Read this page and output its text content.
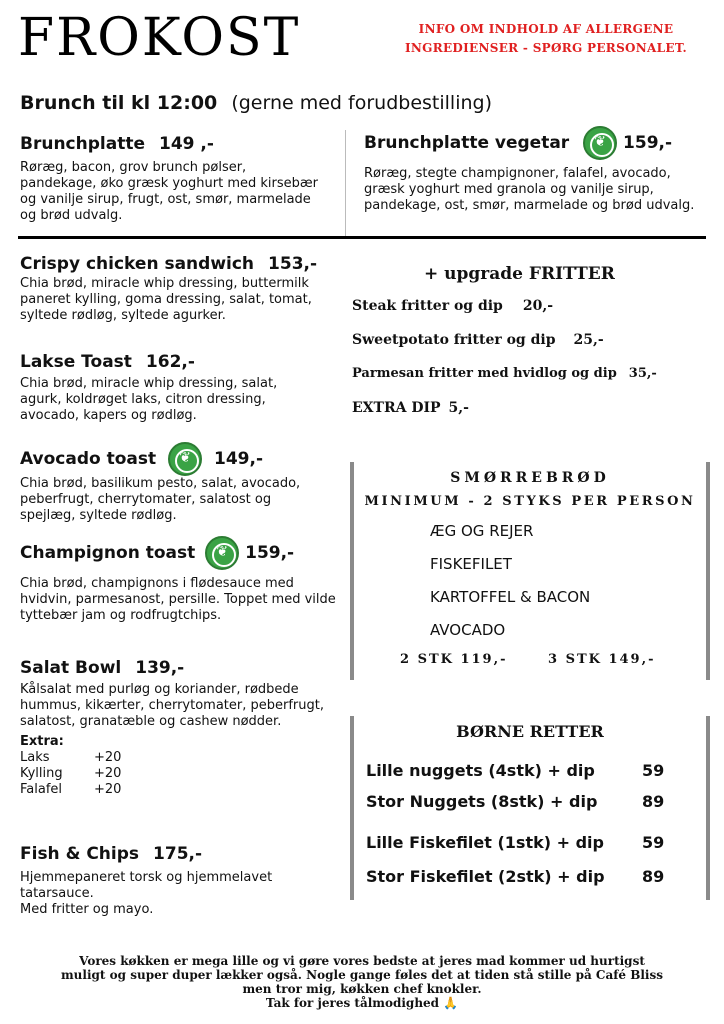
FROKOST	INFO OM INDHOLD AF ALLERGENE
INGREDIENSER - SPØRG PERSONALET.
Brunch til kl 12:00 (gerne med forudbestilling)
Brunchplatte 149 ,-
Røræg, bacon, grov brunch pølser, pandekage, øko græsk yoghurt med kirsebær og vanilje sirup, frugt, ost, smør, marmelade og brød udvalg.
Brunchplatte vegetar ❦	159,-
Røræg, stegte champignoner, falafel, avocado, græsk yoghurt med granola og vanilje sirup, pandekage, ost, smør, marmelade og brød udvalg.
Crispy chicken sandwich 153,-
Chia brød, miracle whip dressing, buttermilk paneret kylling, goma dressing, salat, tomat, syltede rødløg, syltede agurker.
Lakse Toast 162,-
Chia brød, miracle whip dressing, salat, agurk, koldrøget laks, citron dressing, avocado, kapers og rødløg.
Avocado toast ❦	149,-
Chia brød, basilikum pesto, salat, avocado, peberfrugt, cherrytomater, salatost og spejlæg, syltede rødløg.
Champignon toast ❦	159,-
Chia brød, champignons i flødesauce med hvidvin, parmesanost, persille. Toppet med vilde tyttebær jam og rodfrugtchips.
Salat Bowl 139,-
Kålsalat med purløg og koriander, rødbede hummus, kikærter, cherrytomater, peberfrugt, salatost, granatæble og cashew nødder.
Extra:
Laks	+20
Kylling +20
Falafel +20
Fish & Chips 175,-
Hjemmepaneret torsk og hjemmelavet tatarsauce.
Med fritter og mayo.
+ upgrade FRITTER
Steak fritter og dip 20,-
Sweetpotato fritter og dip 25,-
Parmesan fritter med hvidlog og dip 35,-
EXTRA DIP 5,-
SMØRREBRØD
MINIMUM - 2 STYKS PER PERSON
ÆG OG REJER
FISKEFILET
KARTOFFEL & BACON
AVOCADO
2 STK 119,-	3 STK 149,-
BØRNE RETTER
Lille nuggets (4stk) + dip	59
Stor Nuggets (8stk) + dip	89
Lille Fiskefilet (1stk) + dip 59
Stor Fiskefilet (2stk) + dip 89
Vores køkken er mega lille og vi gøre vores bedste at jeres mad kommer ud hurtigst
muligt og super duper lækker også. Nogle gange føles det at tiden stå stille på Café Bliss
men tror mig, køkken chef knokler.
Tak for jeres tålmodighed 🙏
